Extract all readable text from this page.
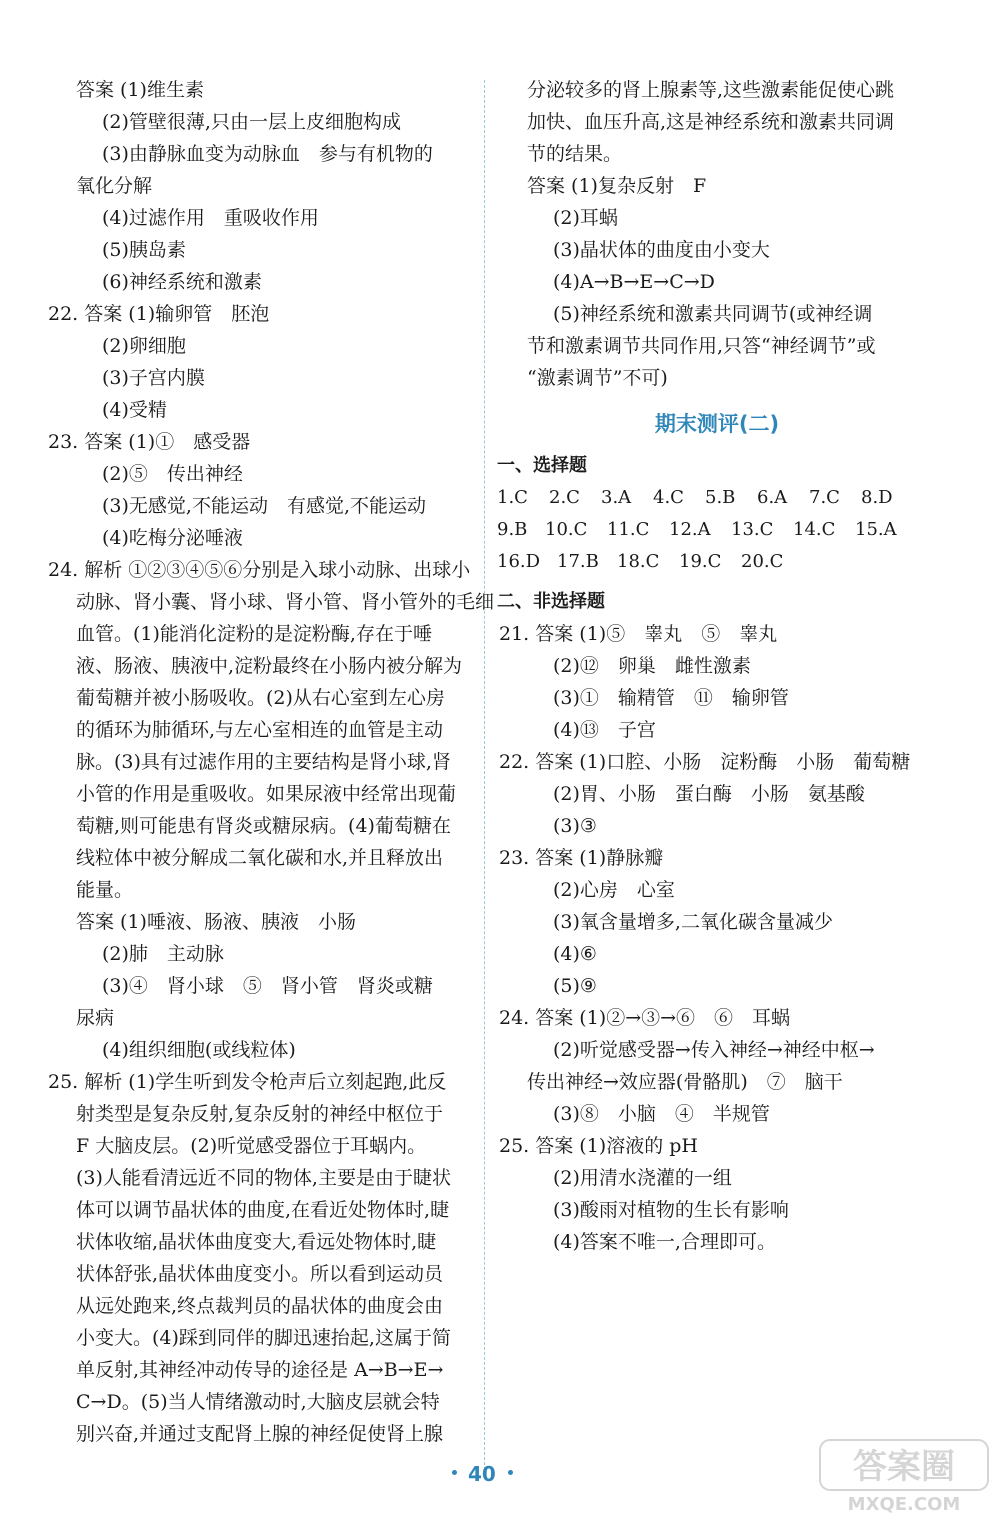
答案 (1)维生素
(2)管壁很薄,只由一层上皮细胞构成
(3)由静脉血变为动脉血　参与有机物的
氧化分解
(4)过滤作用　重吸收作用
(5)胰岛素
(6)神经系统和激素
22. 答案 (1)输卵管　胚泡
(2)卵细胞
(3)子宫内膜
(4)受精
23. 答案 (1)①　感受器
(2)⑤　传出神经
(3)无感觉,不能运动　有感觉,不能运动
(4)吃梅分泌唾液
24. 解析 ①②③④⑤⑥分别是入球小动脉、出球小
动脉、肾小囊、肾小球、肾小管、肾小管外的毛细
血管。(1)能消化淀粉的是淀粉酶,存在于唾
液、肠液、胰液中,淀粉最终在小肠内被分解为
葡萄糖并被小肠吸收。(2)从右心室到左心房
的循环为肺循环,与左心室相连的血管是主动
脉。(3)具有过滤作用的主要结构是肾小球,肾
小管的作用是重吸收。如果尿液中经常出现葡
萄糖,则可能患有肾炎或糖尿病。(4)葡萄糖在
线粒体中被分解成二氧化碳和水,并且释放出
能量。
答案 (1)唾液、肠液、胰液　小肠
(2)肺　主动脉
(3)④　肾小球　⑤　肾小管　肾炎或糖
尿病
(4)组织细胞(或线粒体)
25. 解析 (1)学生听到发令枪声后立刻起跑,此反
射类型是复杂反射,复杂反射的神经中枢位于
F 大脑皮层。(2)听觉感受器位于耳蜗内。
(3)人能看清远近不同的物体,主要是由于睫状
体可以调节晶状体的曲度,在看近处物体时,睫
状体收缩,晶状体曲度变大,看远处物体时,睫
状体舒张,晶状体曲度变小。所以看到运动员
从远处跑来,终点裁判员的晶状体的曲度会由
小变大。(4)踩到同伴的脚迅速抬起,这属于简
单反射,其神经冲动传导的途径是 A→B→E→
C→D。(5)当人情绪激动时,大脑皮层就会特
别兴奋,并通过支配肾上腺的神经促使肾上腺
分泌较多的肾上腺素等,这些激素能促使心跳
加快、血压升高,这是神经系统和激素共同调
节的结果。
答案 (1)复杂反射　F
(2)耳蜗
(3)晶状体的曲度由小变大
(4)A→B→E→C→D
(5)神经系统和激素共同调节(或神经调
节和激素调节共同作用,只答“神经调节”或
“激素调节”不可)
期末测评(二)
一、选择题
1.C 2.C 3.A 4.C 5.B 6.A 7.C 8.D
9.B 10.C 11.C 12.A 13.C 14.C 15.A
16.D 17.B 18.C 19.C 20.C
二、非选择题
21. 答案 (1)⑤　睾丸　⑤　睾丸
(2)⑫　卵巢　雌性激素
(3)①　输精管　⑪　输卵管
(4)⑬　子宫
22. 答案 (1)口腔、小肠　淀粉酶　小肠　葡萄糖
(2)胃、小肠　蛋白酶　小肠　氨基酸
(3)③
23. 答案 (1)静脉瓣
(2)心房　心室
(3)氧含量增多,二氧化碳含量减少
(4)⑥
(5)⑨
24. 答案 (1)②→③→⑥　⑥　耳蜗
(2)听觉感受器→传入神经→神经中枢→
传出神经→效应器(骨骼肌)　⑦　脑干
(3)⑧　小脑　④　半规管
25. 答案 (1)溶液的 pH
(2)用清水浇灌的一组
(3)酸雨对植物的生长有影响
(4)答案不唯一,合理即可。
40	答案圈
MXQE.COM
